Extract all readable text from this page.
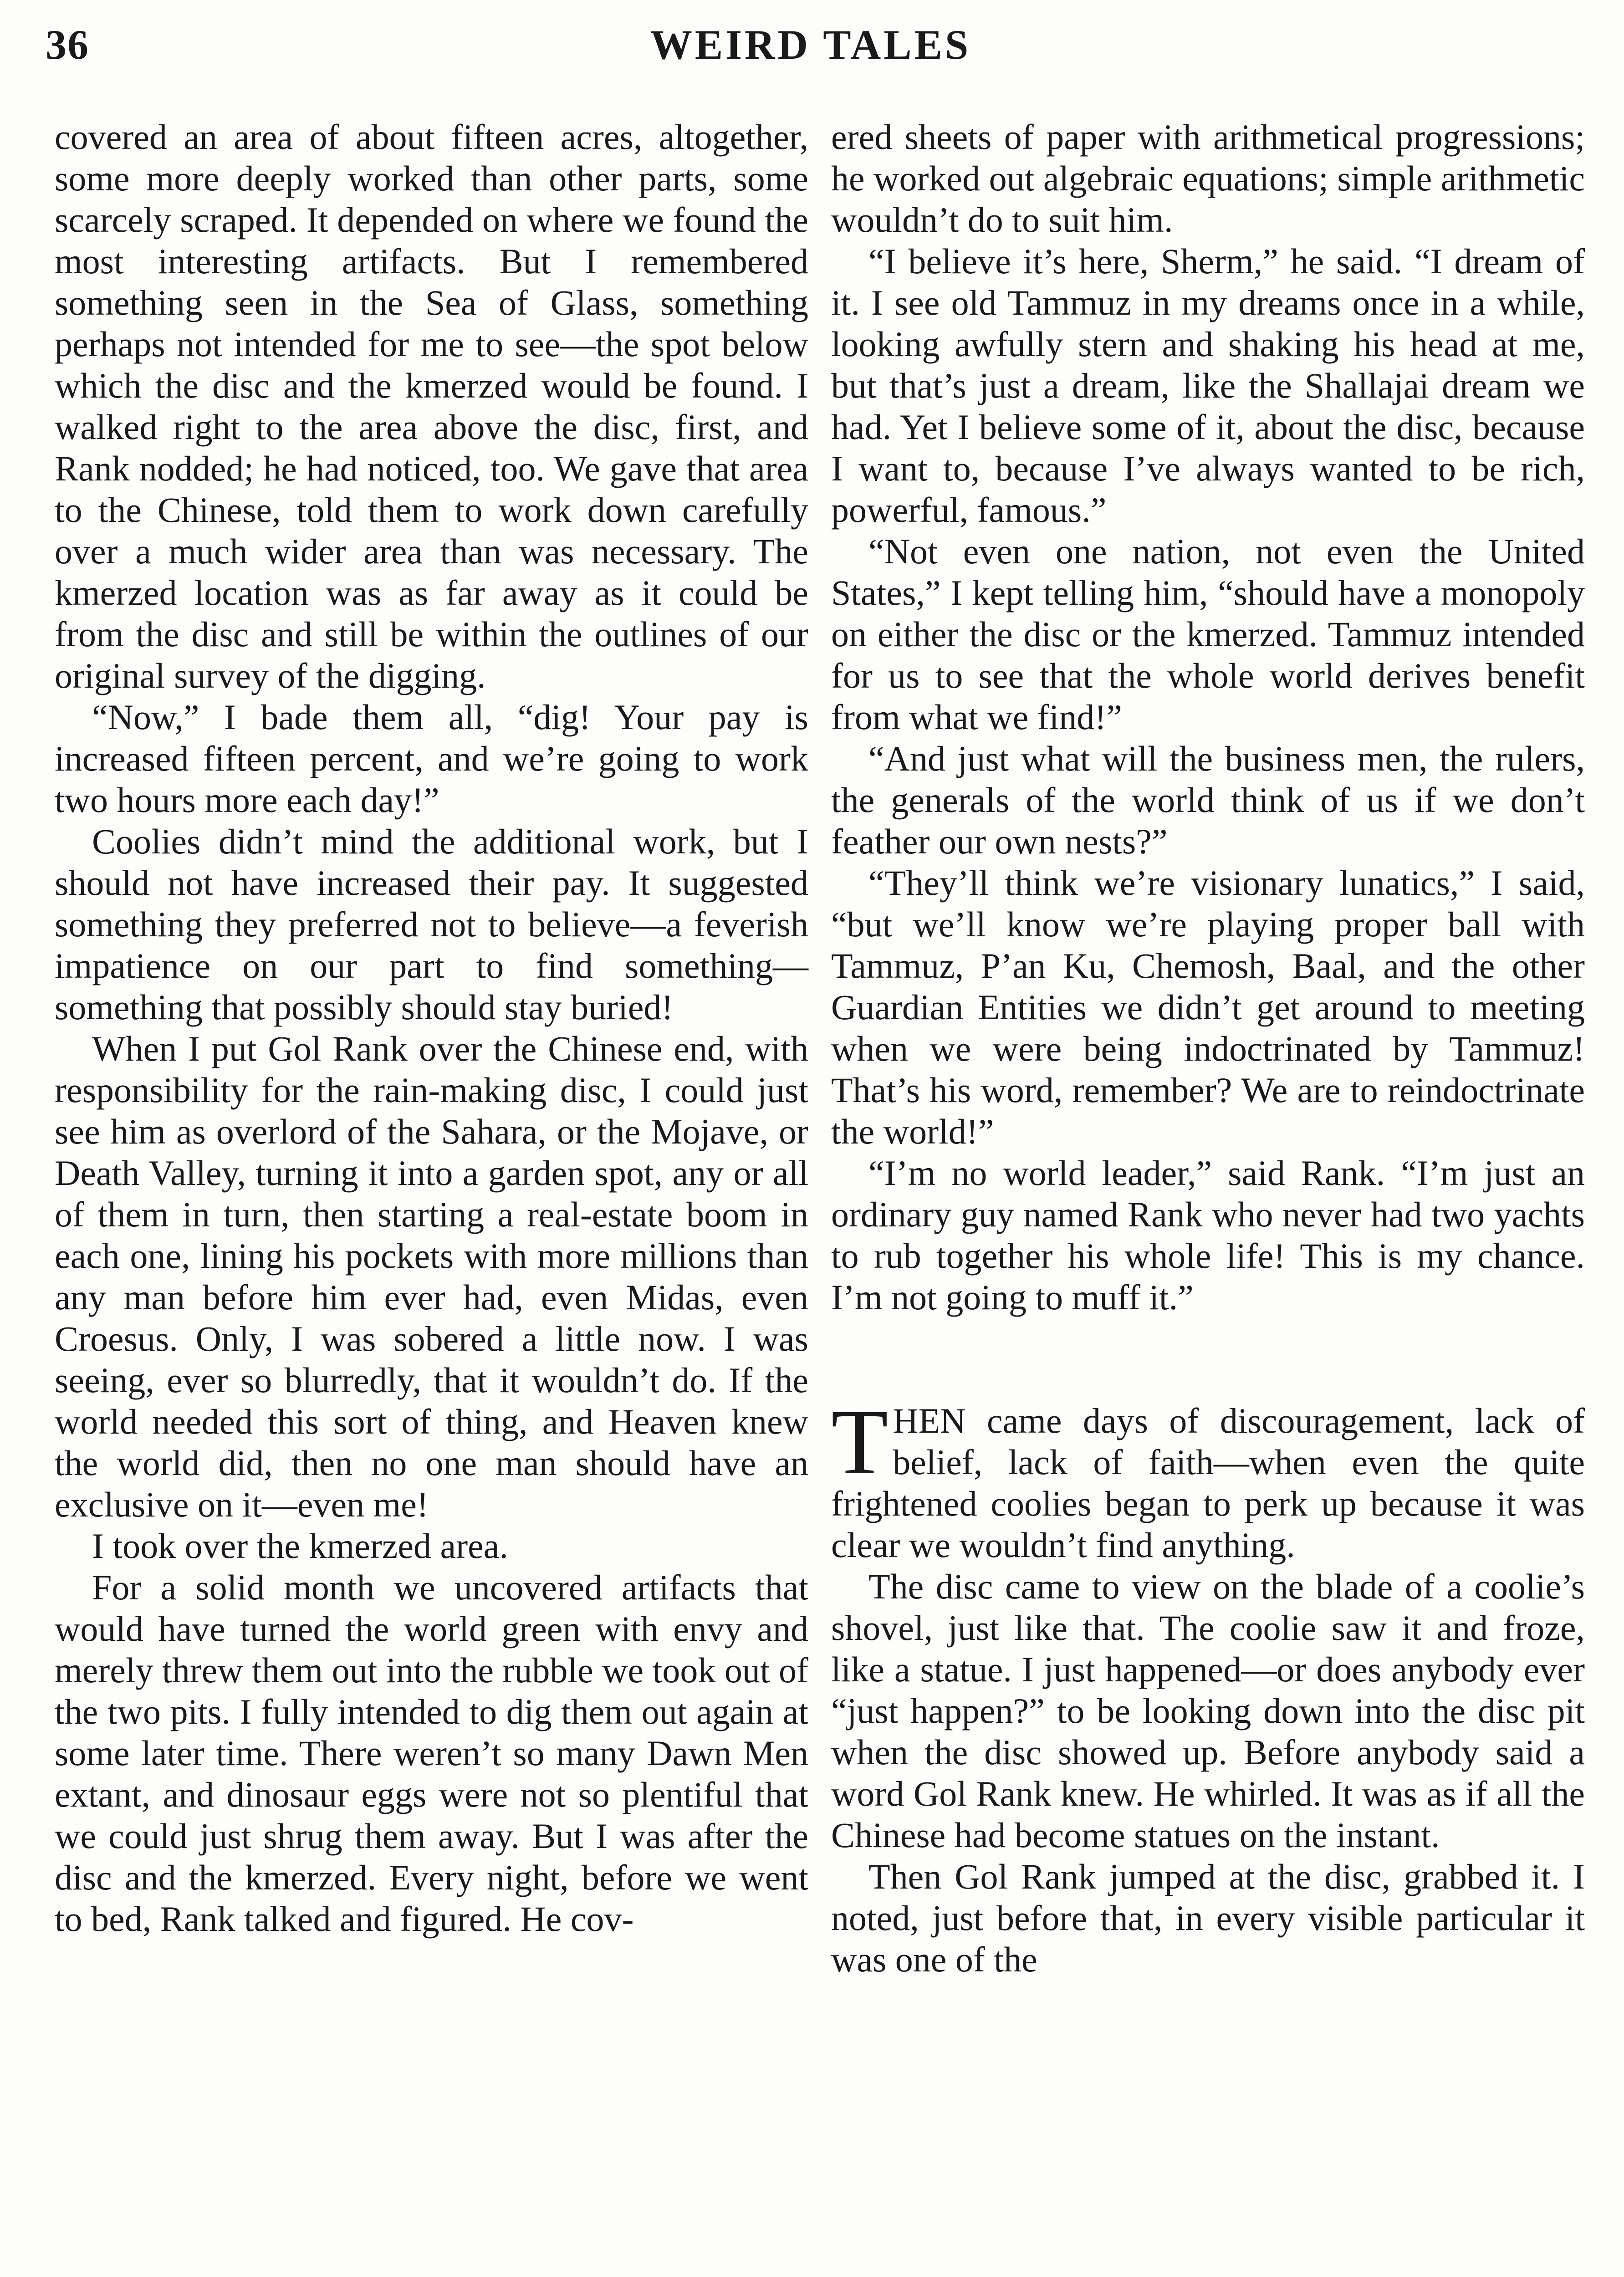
36	WEIRD TALES

covered an area of about fifteen acres, altogether, some more deeply worked than other parts, some scarcely scraped. It depended on where we found the most interesting artifacts. But I remembered something seen in the Sea of Glass, something perhaps not intended for me to see—the spot below which the disc and the kmerzed would be found. I walked right to the area above the disc, first, and Rank nodded; he had noticed, too. We gave that area to the Chinese, told them to work down carefully over a much wider area than was necessary. The kmerzed location was as far away as it could be from the disc and still be within the outlines of our original survey of the digging.

“Now,” I bade them all, “dig! Your pay is increased fifteen percent, and we’re going to work two hours more each day!”

Coolies didn’t mind the additional work, but I should not have increased their pay. It suggested something they preferred not to believe—a feverish impatience on our part to find something—something that possibly should stay buried!

When I put Gol Rank over the Chinese end, with responsibility for the rain-making disc, I could just see him as overlord of the Sahara, or the Mojave, or Death Valley, turning it into a garden spot, any or all of them in turn, then starting a real-estate boom in each one, lining his pockets with more millions than any man before him ever had, even Midas, even Croesus. Only, I was sobered a little now. I was seeing, ever so blurredly, that it wouldn’t do. If the world needed this sort of thing, and Heaven knew the world did, then no one man should have an exclusive on it—even me!

I took over the kmerzed area.

For a solid month we uncovered artifacts that would have turned the world green with envy and merely threw them out into the rubble we took out of the two pits. I fully intended to dig them out again at some later time. There weren’t so many Dawn Men extant, and dinosaur eggs were not so plentiful that we could just shrug them away. But I was after the disc and the kmerzed. Every night, before we went to bed, Rank talked and figured. He cov-

ered sheets of paper with arithmetical progressions; he worked out algebraic equations; simple arithmetic wouldn’t do to suit him.

“I believe it’s here, Sherm,” he said. “I dream of it. I see old Tammuz in my dreams once in a while, looking awfully stern and shaking his head at me, but that’s just a dream, like the Shallajai dream we had. Yet I believe some of it, about the disc, because I want to, because I’ve always wanted to be rich, powerful, famous.”

“Not even one nation, not even the United States,” I kept telling him, “should have a monopoly on either the disc or the kmerzed. Tammuz intended for us to see that the whole world derives benefit from what we find!”

“And just what will the business men, the rulers, the generals of the world think of us if we don’t feather our own nests?”

“They’ll think we’re visionary lunatics,” I said, “but we’ll know we’re playing proper ball with Tammuz, P’an Ku, Chemosh, Baal, and the other Guardian Entities we didn’t get around to meeting when we were being indoctrinated by Tammuz! That’s his word, remember? We are to reindoctrinate the world!”

“I’m no world leader,” said Rank. “I’m just an ordinary guy named Rank who never had two yachts to rub together his whole life! This is my chance. I’m not going to muff it.”

THEN came days of discouragement, lack of belief, lack of faith—when even the quite frightened coolies began to perk up because it was clear we wouldn’t find anything.

The disc came to view on the blade of a coolie’s shovel, just like that. The coolie saw it and froze, like a statue. I just happened—or does anybody ever “just happen?” to be looking down into the disc pit when the disc showed up. Before anybody said a word Gol Rank knew. He whirled. It was as if all the Chinese had become statues on the instant.

Then Gol Rank jumped at the disc, grabbed it. I noted, just before that, in every visible particular it was one of the
